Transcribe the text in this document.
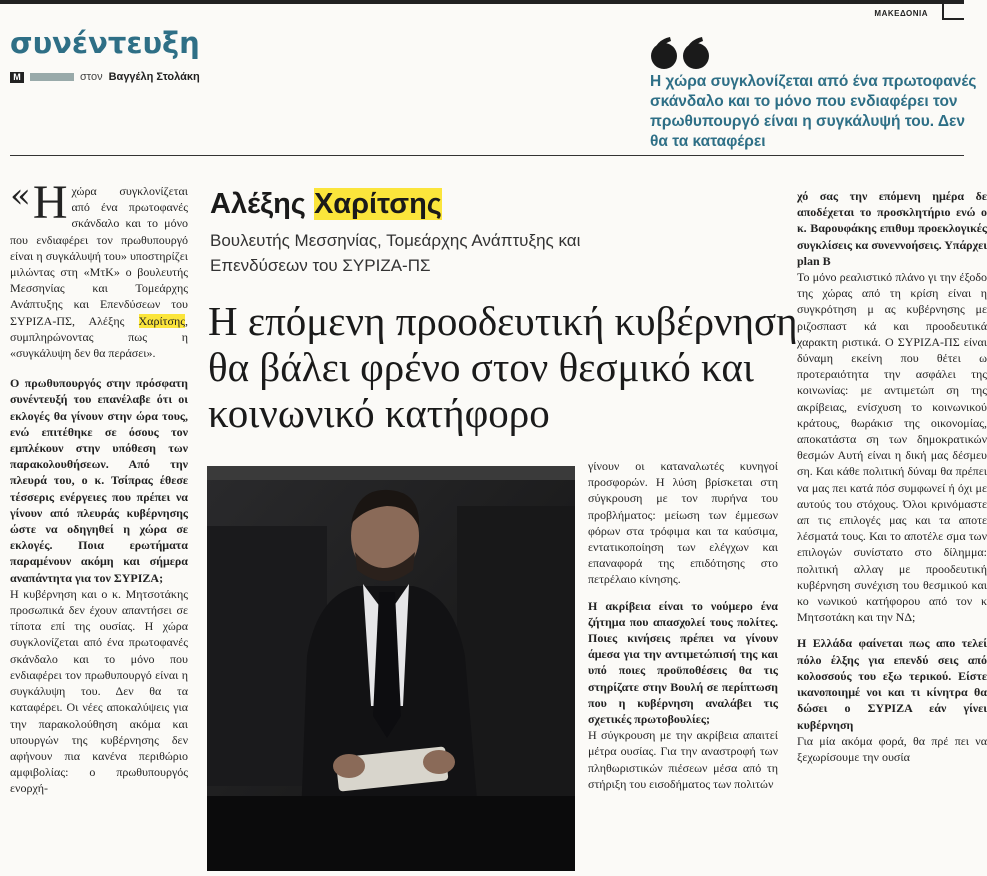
ΚΥΡΙΑΚΗ 13 ΝΟΕΜΒΡΙΟΥ 2022
ΜΑΚΕΔΟΝΙΑ
συνέντευξη
M	στον Βαγγέλη Στολάκη	Η χώρα συγκλονίζεται από ένα πρωτοφανές σκάνδαλο και το μόνο που ενδιαφέρει τον πρωθυπουργό είναι η συγκάλυψή του. Δεν θα τα καταφέρει

« Η χώρα συγκλονίζεται από ένα πρωτοφανές σκάνδαλο και το μόνο που ενδιαφέρει τον πρωθυπουργό είναι η συγκάλυψή του» υποστηρίζει μιλώντας στη «ΜτΚ» ο βουλευτής Μεσσηνίας και Τομεάρχης Ανάπτυξης και Επενδύσεων του ΣΥΡΙΖΑ-ΠΣ, Αλέξης Χαρίτσης, συμπληρώνοντας πως η «συγκάλυψη δεν θα περάσει».

Ο πρωθυπουργός στην πρόσφατη συνέντευξή του επανέλαβε ότι οι εκλογές θα γίνουν στην ώρα τους, ενώ επιτέθηκε σε όσους τον εμπλέκουν στην υπόθεση των παρακολουθήσεων. Από την πλευρά του, ο κ. Τσίπρας έθεσε τέσσερις ενέργειες που πρέπει να γίνουν από πλευράς κυβέρνησης ώστε να οδηγηθεί η χώρα σε εκλογές. Ποια ερωτήματα παραμένουν ακόμη και σήμερα αναπάντητα για τον ΣΥΡΙΖΑ;

Η κυβέρνηση και ο κ. Μητσοτάκης προσωπικά δεν έχουν απαντήσει σε τίποτα επί της ουσίας. Η χώρα συγκλονίζεται από ένα πρωτοφανές σκάνδαλο και το μόνο που ενδιαφέρει τον πρωθυπουργό είναι η συγκάλυψη του. Δεν θα τα καταφέρει. Οι νέες αποκαλύψεις για την παρακολούθηση ακόμα και υπουργών της κυβέρνησης δεν αφήνουν πια κανένα περιθώριο αμφιβολίας: ο πρωθυπουργός ενορχή-

Αλέξης Χαρίτσης
Βουλευτής Μεσσηνίας, Τομεάρχης Ανάπτυξης και Επενδύσεων του ΣΥΡΙΖΑ-ΠΣ
Η επόμενη προοδευτική κυβέρνηση θα βάλει φρένο στον θεσμικό και κοινωνικό κατήφορο

γίνουν οι καταναλωτές κυνηγοί προσφορών. Η λύση βρίσκεται στη σύγκρουση με τον πυρήνα του προβλήματος: μείωση των έμμεσων φόρων στα τρόφιμα και τα καύσιμα, εντατικοποίηση των ελέγχων και επαναφορά της επιδότησης στο πετρέλαιο κίνησης.

Η ακρίβεια είναι το νούμερο ένα ζήτημα που απασχολεί τους πολίτες. Ποιες κινήσεις πρέπει να γίνουν άμεσα για την αντιμετώπισή της και υπό ποιες προϋποθέσεις θα τις στηρίζατε στην Βουλή σε περίπτωση που η κυβέρνηση αναλάβει τις σχετικές πρωτοβουλίες;

Η σύγκρουση με την ακρίβεια απαιτεί μέτρα ουσίας. Για την αναστροφή των πληθωριστικών πιέσεων μέσα από τη στήριξη του εισοδήματος των πολιτών

χό σας την επόμενη ημέρα δε αποδέχεται το προσκλητήριο ενώ ο κ. Βαρουφάκης επιθυμ προεκλογικές συγκλίσεις κα συνεννοήσεις. Υπάρχει plan B

Το μόνο ρεαλιστικό πλάνο γι την έξοδο της χώρας από τη κρίση είναι η συγκρότηση μ ας κυβέρνησης με ριζοσπαστ κά και προοδευτικά χαρακτη ριστικά. Ο ΣΥΡΙΖΑ-ΠΣ είναι δύναμη εκείνη που θέτει ω προτεραιότητα την ασφάλει της κοινωνίας: με αντιμετώπ ση της ακρίβειας, ενίσχυση το κοινωνικού κράτους, θωράκισ της οικονομίας, αποκατάστα ση των δημοκρατικών θεσμών Αυτή είναι η δική μας δέσμευ ση. Και κάθε πολιτική δύναμ θα πρέπει να μας πει κατά πόσ συμφωνεί ή όχι με αυτούς του στόχους. Όλοι κρινόμαστε απ τις επιλογές μας και τα αποτε λέσματά τους. Και το αποτέλε σμα των επιλογών συνίστατο στο δίλημμα: πολιτική αλλαγ με προοδευτική κυβέρνηση συνέχιση του θεσμικού και κο νωνικού κατήφορου από τον κ Μητσοτάκη και την ΝΔ;

Η Ελλάδα φαίνεται πως απο τελεί πόλο έλξης για επενδύ σεις από κολοσσούς του εξω τερικού. Είστε ικανοποιημέ νοι και τι κίνητρα θα δώσει ο ΣΥΡΙΖΑ εάν γίνει κυβέρνηση

Για μία ακόμα φορά, θα πρέ πει να ξεχωρίσουμε την ουσία
